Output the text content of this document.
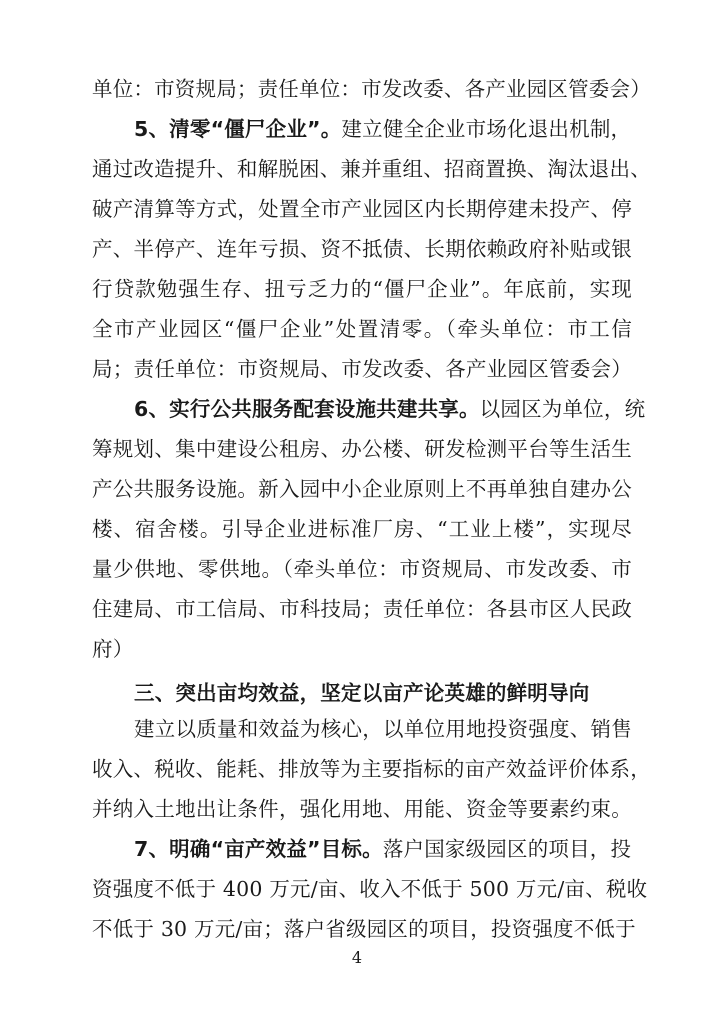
单位：市资规局；责任单位：市发改委、各产业园区管委会）
5、清零“僵尸企业”。建立健全企业市场化退出机制，
通过改造提升、和解脱困、兼并重组、招商置换、淘汰退出、
破产清算等方式，处置全市产业园区内长期停建未投产、停
产、半停产、连年亏损、资不抵债、长期依赖政府补贴或银
行贷款勉强生存、扭亏乏力的“僵尸企业”。年底前，实现
全市产业园区“僵尸企业”处置清零。（牵头单位：市工信
局；责任单位：市资规局、市发改委、各产业园区管委会）
6、实行公共服务配套设施共建共享。以园区为单位，统
筹规划、集中建设公租房、办公楼、研发检测平台等生活生
产公共服务设施。新入园中小企业原则上不再单独自建办公
楼、宿舍楼。引导企业进标准厂房、“工业上楼”，实现尽
量少供地、零供地。（牵头单位：市资规局、市发改委、市
住建局、市工信局、市科技局；责任单位：各县市区人民政
府）
三、突出亩均效益，坚定以亩产论英雄的鲜明导向
建立以质量和效益为核心，以单位用地投资强度、销售
收入、税收、能耗、排放等为主要指标的亩产效益评价体系，
并纳入土地出让条件，强化用地、用能、资金等要素约束。
7、明确“亩产效益”目标。落户国家级园区的项目，投
资强度不低于 400 万元/亩、收入不低于 500 万元/亩、税收
不低于 30 万元/亩；落户省级园区的项目，投资强度不低于
4
